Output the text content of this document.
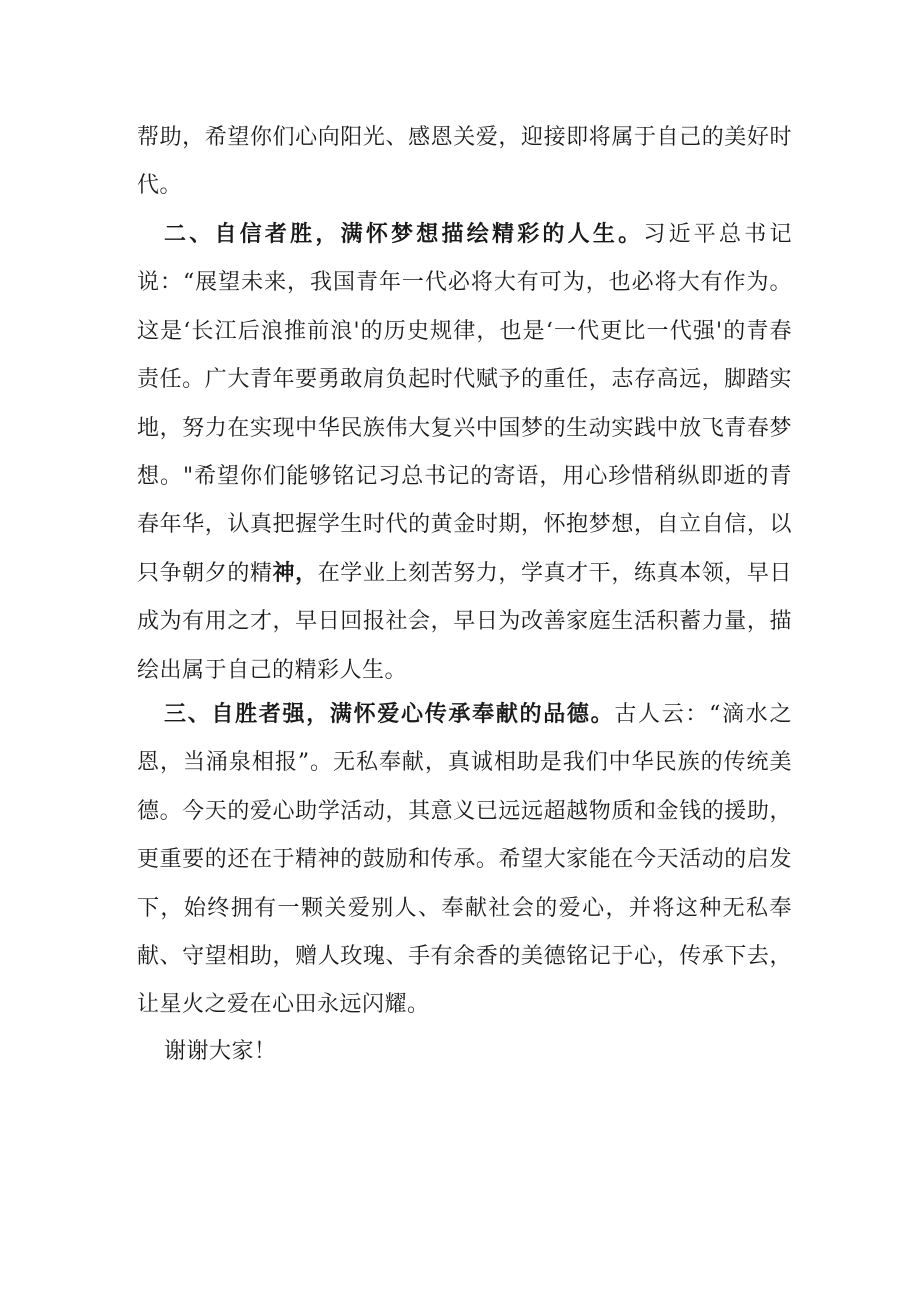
帮助，希望你们心向阳光、感恩关爱，迎接即将属于自己的美好时代。

二、自信者胜，满怀梦想描绘精彩的人生。习近平总书记说：“展望未来，我国青年一代必将大有可为，也必将大有作为。这是‘长江后浪推前浪'的历史规律，也是‘一代更比一代强'的青春责任。广大青年要勇敢肩负起时代赋予的重任，志存高远，脚踏实地，努力在实现中华民族伟大复兴中国梦的生动实践中放飞青春梦想。"希望你们能够铭记习总书记的寄语，用心珍惜稍纵即逝的青春年华，认真把握学生时代的黄金时期，怀抱梦想，自立自信，以只争朝夕的精神，在学业上刻苦努力，学真才干，练真本领，早日成为有用之才，早日回报社会，早日为改善家庭生活积蓄力量，描绘出属于自己的精彩人生。

三、自胜者强，满怀爱心传承奉献的品德。古人云：“滴水之恩，当涌泉相报”。无私奉献，真诚相助是我们中华民族的传统美德。今天的爱心助学活动，其意义已远远超越物质和金钱的援助，更重要的还在于精神的鼓励和传承。希望大家能在今天活动的启发下，始终拥有一颗关爱别人、奉献社会的爱心，并将这种无私奉献、守望相助，赠人玫瑰、手有余香的美德铭记于心，传承下去，让星火之爱在心田永远闪耀。

谢谢大家！
